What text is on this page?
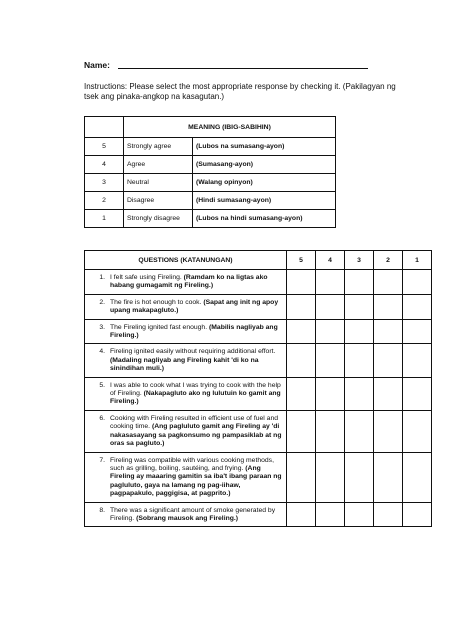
Name:
Instructions: Please select the most appropriate response by checking it. (Pakilagyan ng tsek ang pinaka-angkop na kasagutan.)
	MEANING (IBIG-SABIHIN)	
5	Strongly agree	(Lubos na sumasang-ayon)
4	Agree	(Sumasang-ayon)
3	Neutral	(Walang opinyon)
2	Disagree	(Hindi sumasang-ayon)
1	Strongly disagree	(Lubos na hindi sumasang-ayon)
QUESTIONS (KATANUNGAN)	5	4	3	2	1

1. I felt safe using Fireling. (Ramdam ko na ligtas ako habang gumagamit ng Fireling.)					

2. The fire is hot enough to cook. (Sapat ang init ng apoy upang makapagluto.)					

3. The Fireling ignited fast enough. (Mabilis nagliyab ang Fireling.)					

4. Fireling ignited easily without requiring additional effort. (Madaling nagliyab ang Fireling kahit 'di ko na sinindihan muli.)					

5. I was able to cook what I was trying to cook with the help of Fireling. (Nakapagluto ako ng lulutuin ko gamit ang Fireling.)					

6. Cooking with Fireling resulted in efficient use of fuel and cooking time. (Ang pagluluto gamit ang Fireling ay 'di nakasasayang sa pagkonsumo ng pampasiklab at ng oras sa pagluto.)					

7. Fireling was compatible with various cooking methods, such as grilling, boiling, sautéing, and frying. (Ang Fireling ay maaaring gamitin sa iba't ibang paraan ng pagluluto, gaya na lamang ng pag-iihaw, pagpapakulo, paggigisa, at pagprito.)					

8. There was a significant amount of smoke generated by Fireling. (Sobrang mausok ang Fireling.)					
